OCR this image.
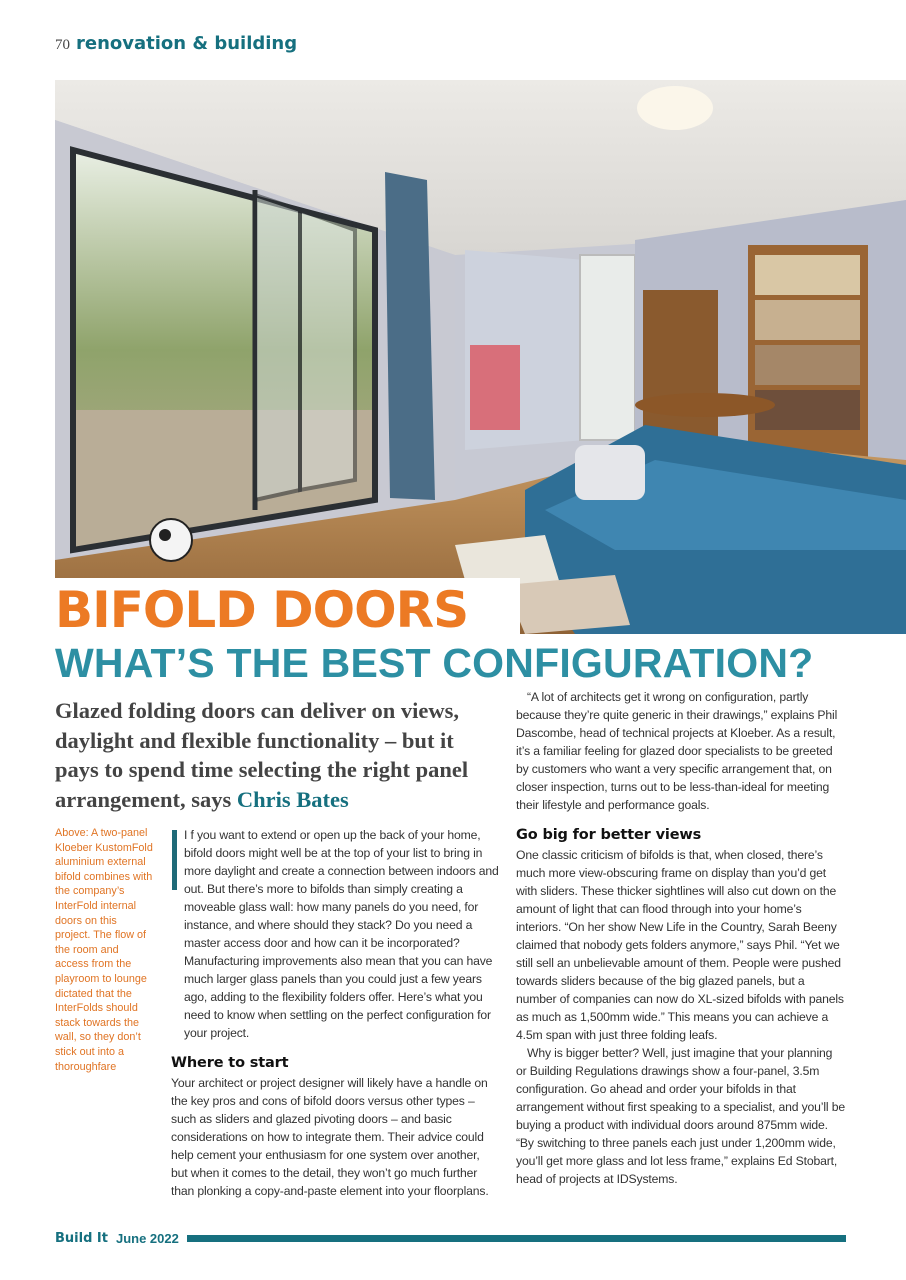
70 renovation & building
BIFOLD DOORS
WHAT’S THE BEST CONFIGURATION?

Glazed folding doors can deliver on views, daylight and flexible functionality – but it pays to spend time selecting the right panel arrangement, says Chris Bates

Above: A two-panel Kloeber KustomFold aluminium external bifold combines with the company’s InterFold internal doors on this project. The flow of the room and access from the playroom to lounge dictated that the InterFolds should stack towards the wall, so they don’t stick out into a thoroughfare

I f you want to extend or open up the back of your home, bifold doors might well be at the top of your list to bring in more daylight and create a connection between indoors and out. But there’s more to bifolds than simply creating a moveable glass wall: how many panels do you need, for instance, and where should they stack? Do you need a master access door and how can it be incorporated? Manufacturing improvements also mean that you can have much larger glass panels than you could just a few years ago, adding to the flexibility folders offer. Here’s what you need to know when settling on the perfect configuration for your project.

Where to start

Your architect or project designer will likely have a handle on the key pros and cons of bifold doors versus other types – such as sliders and glazed pivoting doors – and basic considerations on how to integrate them. Their advice could help cement your enthusiasm for one system over another, but when it comes to the detail, they won’t go much further than plonking a copy-and-paste element into your floorplans.

“A lot of architects get it wrong on configuration, partly because they’re quite generic in their drawings,” explains Phil Dascombe, head of technical projects at Kloeber. As a result, it’s a familiar feeling for glazed door specialists to be greeted by customers who want a very specific arrangement that, on closer inspection, turns out to be less-than-ideal for meeting their lifestyle and performance goals.

Go big for better views

One classic criticism of bifolds is that, when closed, there’s much more view-obscuring frame on display than you’d get with sliders. These thicker sightlines will also cut down on the amount of light that can flood through into your home’s interiors. “On her show New Life in the Country, Sarah Beeny claimed that nobody gets folders anymore,” says Phil. “Yet we still sell an unbelievable amount of them. People were pushed towards sliders because of the big glazed panels, but a number of companies can now do XL-sized bifolds with panels as much as 1,500mm wide.” This means you can achieve a 4.5m span with just three folding leafs.

Why is bigger better? Well, just imagine that your planning or Building Regulations drawings show a four-panel, 3.5m configuration. Go ahead and order your bifolds in that arrangement without first speaking to a specialist, and you’ll be buying a product with individual doors around 875mm wide. “By switching to three panels each just under 1,200mm wide, you’ll get more glass and lot less frame,” explains Ed Stobart, head of projects at IDSystems.

Build It June 2022
